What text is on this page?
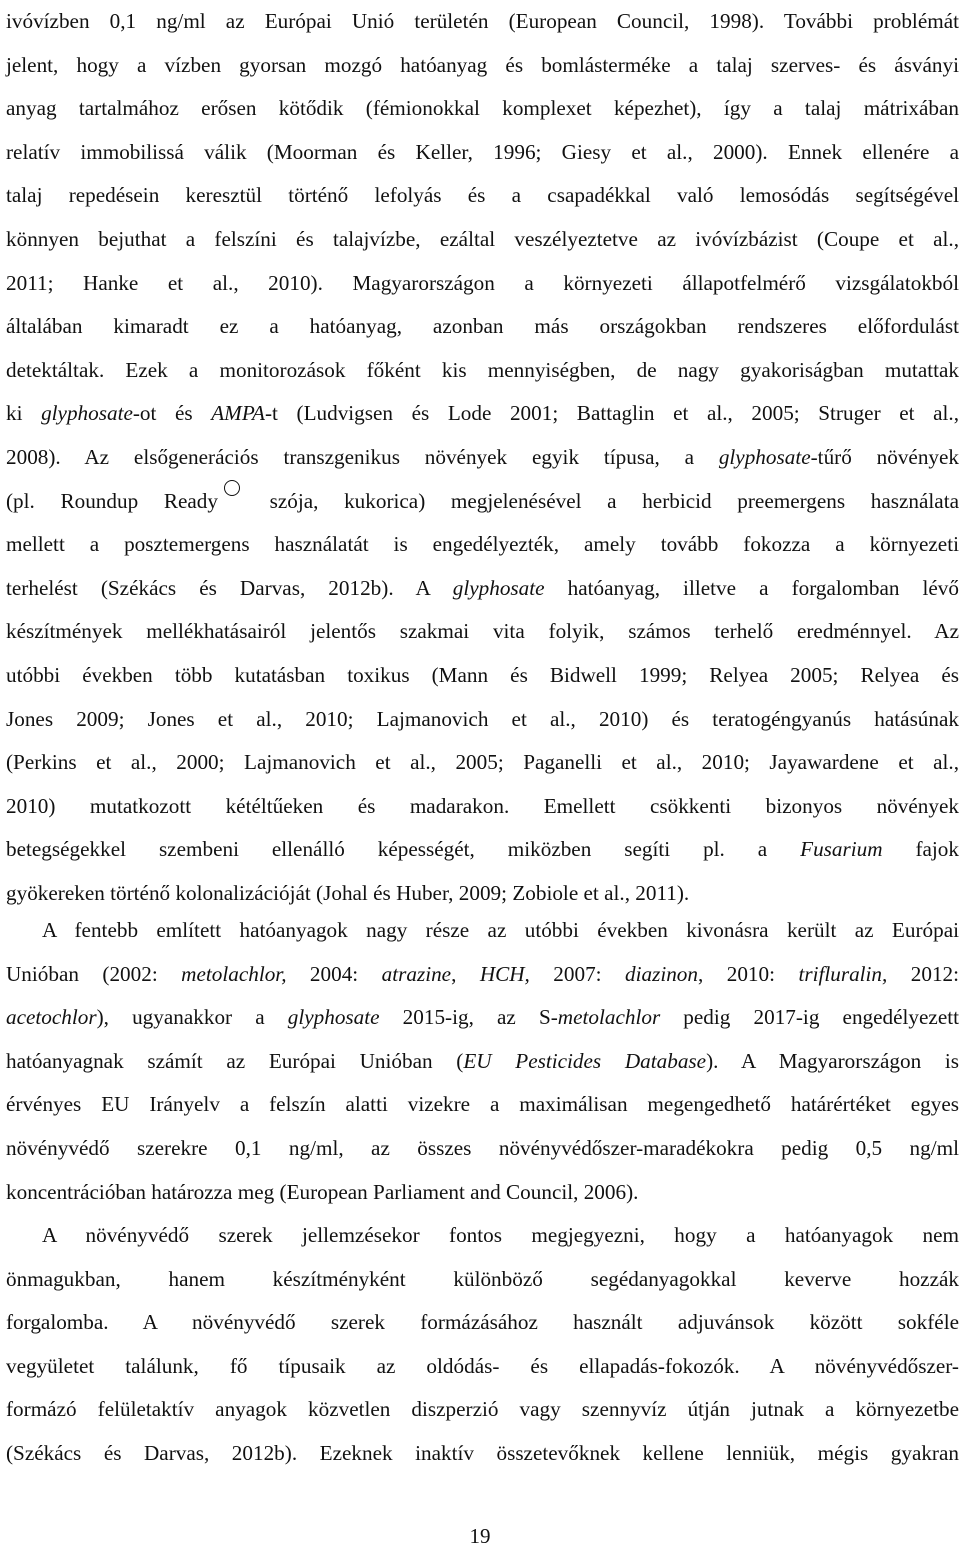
ivóvízben 0,1 ng/ml az Európai Unió területén (European Council, 1998). További problémát
jelent, hogy a vízben gyorsan mozgó hatóanyag és bomlásterméke a talaj szerves- és ásványi
anyag tartalmához erősen kötődik (fémionokkal komplexet képezhet), így a talaj mátrixában
relatív immobilissá válik (Moorman és Keller, 1996; Giesy et al., 2000). Ennek ellenére a
talaj repedésein keresztül történő lefolyás és a csapadékkal való lemosódás segítségével
könnyen bejuthat a felszíni és talajvízbe, ezáltal veszélyeztetve az ivóvízbázist (Coupe et al.,
2011; Hanke et al., 2010). Magyarországon a környezeti állapotfelmérő vizsgálatokból
általában kimaradt ez a hatóanyag, azonban más országokban rendszeres előfordulást
detektáltak. Ezek a monitorozások főként kis mennyiségben, de nagy gyakoriságban mutattak
ki glyphosate-ot és AMPA-t (Ludvigsen és Lode 2001; Battaglin et al., 2005; Struger et al.,
2008). Az elsőgenerációs transzgenikus növények egyik típusa, a glyphosate-tűrő növények
(pl. Roundup Ready szója, kukorica) megjelenésével a herbicid preemergens használata
mellett a posztemergens használatát is engedélyezték, amely tovább fokozza a környezeti
terhelést (Székács és Darvas, 2012b). A glyphosate hatóanyag, illetve a forgalomban lévő
készítmények mellékhatásairól jelentős szakmai vita folyik, számos terhelő eredménnyel. Az
utóbbi években több kutatásban toxikus (Mann és Bidwell 1999; Relyea 2005; Relyea és
Jones 2009; Jones et al., 2010; Lajmanovich et al., 2010) és teratogéngyanús hatásúnak
(Perkins et al., 2000; Lajmanovich et al., 2005; Paganelli et al., 2010; Jayawardene et al.,
2010) mutatkozott kétéltűeken és madarakon. Emellett csökkenti bizonyos növények
betegségekkel szembeni ellenálló képességét, miközben segíti pl. a Fusarium fajok
gyökereken történő kolonalizációját (Johal és Huber, 2009; Zobiole et al., 2011).
A fentebb említett hatóanyagok nagy része az utóbbi években kivonásra került az Európai
Unióban (2002: metolachlor, 2004: atrazine, HCH, 2007: diazinon, 2010: trifluralin, 2012:
acetochlor), ugyanakkor a glyphosate 2015-ig, az S-metolachlor pedig 2017-ig engedélyezett
hatóanyagnak számít az Európai Unióban (EU Pesticides Database). A Magyarországon is
érvényes EU Irányelv a felszín alatti vizekre a maximálisan megengedhető határértéket egyes
növényvédő szerekre 0,1 ng/ml, az összes növényvédőszer-maradékokra pedig 0,5 ng/ml
koncentrációban határozza meg (European Parliament and Council, 2006).
A növényvédő szerek jellemzésekor fontos megjegyezni, hogy a hatóanyagok nem
önmagukban, hanem készítményként különböző segédanyagokkal keverve hozzák
forgalomba. A növényvédő szerek formázásához használt adjuvánsok között sokféle
vegyületet találunk, fő típusaik az oldódás- és ellapadás-fokozók. A növényvédőszer-
formázó felületaktív anyagok közvetlen diszperzió vagy szennyvíz útján jutnak a környezetbe
(Székács és Darvas, 2012b). Ezeknek inaktív összetevőknek kellene lenniük, mégis gyakran
19
